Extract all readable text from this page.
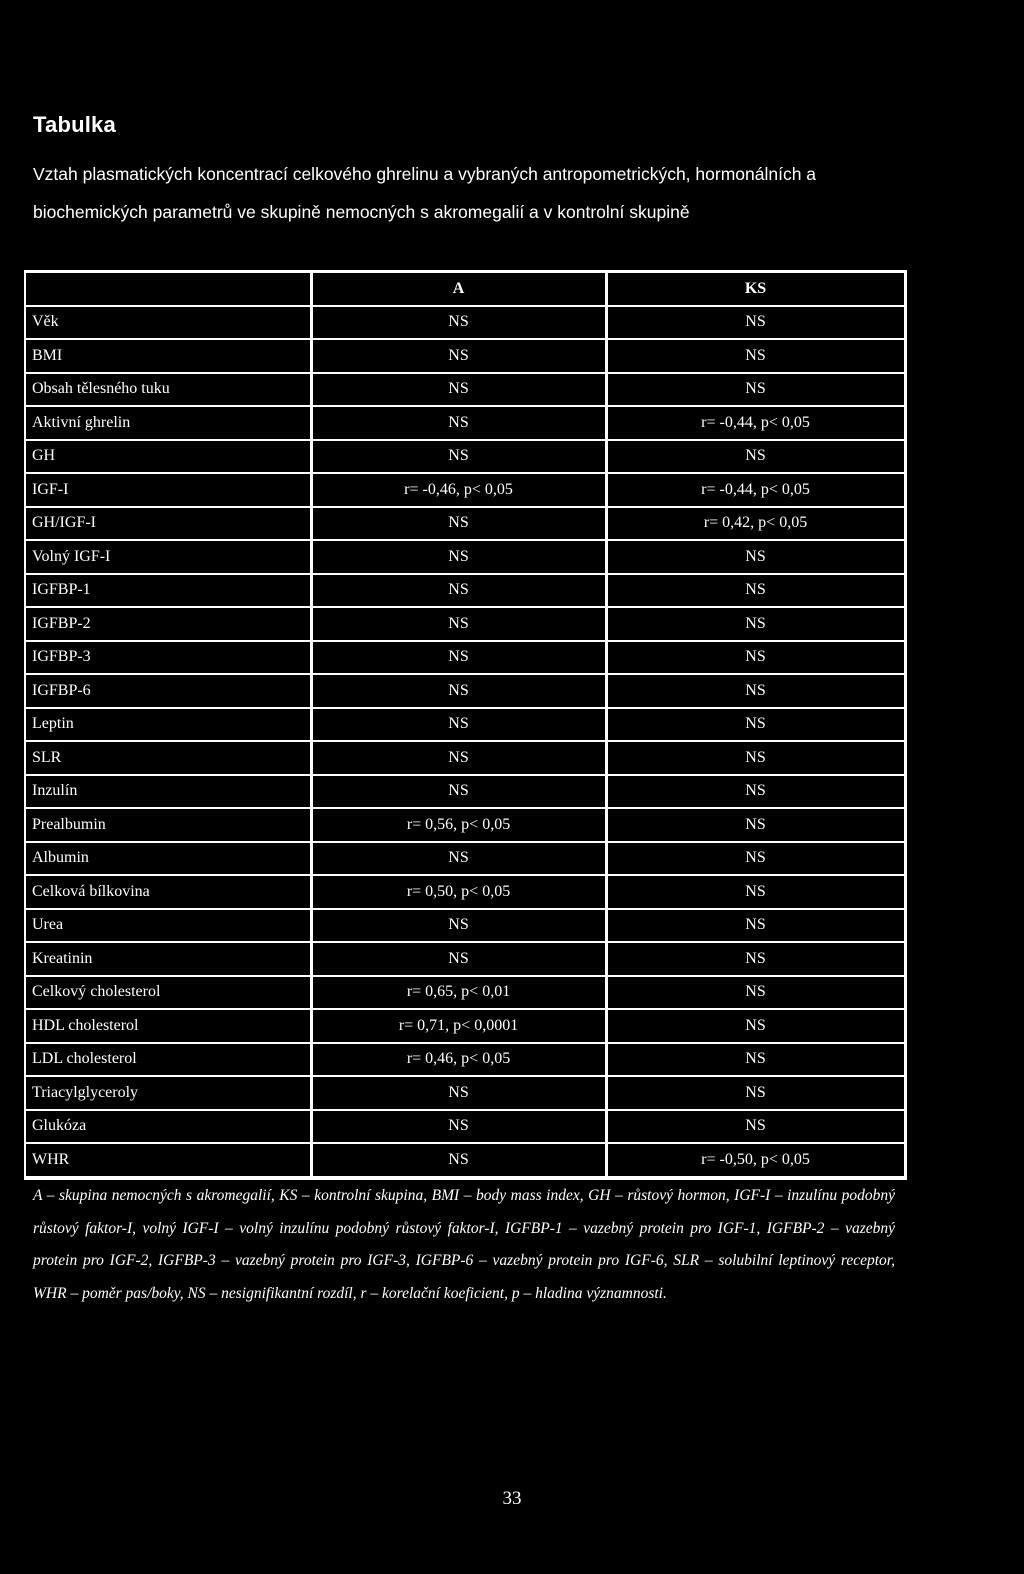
Tabulka
Vztah plasmatických koncentrací celkového ghrelinu a vybraných antropometrických, hormonálních a biochemických parametrů ve skupině nemocných s akromegalií a v kontrolní skupině
	A	KS
Věk	NS	NS
BMI	NS	NS
Obsah tělesného tuku	NS	NS
Aktivní ghrelin	NS	r= -0,44, p< 0,05
GH	NS	NS
IGF-I	r= -0,46, p< 0,05	r= -0,44, p< 0,05
GH/IGF-I	NS	r= 0,42, p< 0,05
Volný IGF-I	NS	NS
IGFBP-1	NS	NS
IGFBP-2	NS	NS
IGFBP-3	NS	NS
IGFBP-6	NS	NS
Leptin	NS	NS
SLR	NS	NS
Inzulín	NS	NS
Prealbumin	r= 0,56, p< 0,05	NS
Albumin	NS	NS
Celková bílkovina	r= 0,50, p< 0,05	NS
Urea	NS	NS
Kreatinin	NS	NS
Celkový cholesterol	r= 0,65, p< 0,01	NS
HDL cholesterol	r= 0,71, p< 0,0001	NS
LDL cholesterol	r= 0,46, p< 0,05	NS
Triacylglyceroly	NS	NS
Glukóza	NS	NS
WHR	NS	r= -0,50, p< 0,05
A – skupina nemocných s akromegalií, KS – kontrolní skupina, BMI – body mass index, GH – růstový hormon, IGF-I – inzulínu podobný růstový faktor-I, volný IGF-I – volný inzulínu podobný růstový faktor-I, IGFBP-1 – vazebný protein pro IGF-1, IGFBP-2 – vazebný protein pro IGF-2, IGFBP-3 – vazebný protein pro IGF-3, IGFBP-6 – vazebný protein pro IGF-6, SLR – solubilní leptinový receptor, WHR – poměr pas/boky, NS – nesignifikantní rozdíl, r – korelační koeficient, p – hladina významnosti.
33
